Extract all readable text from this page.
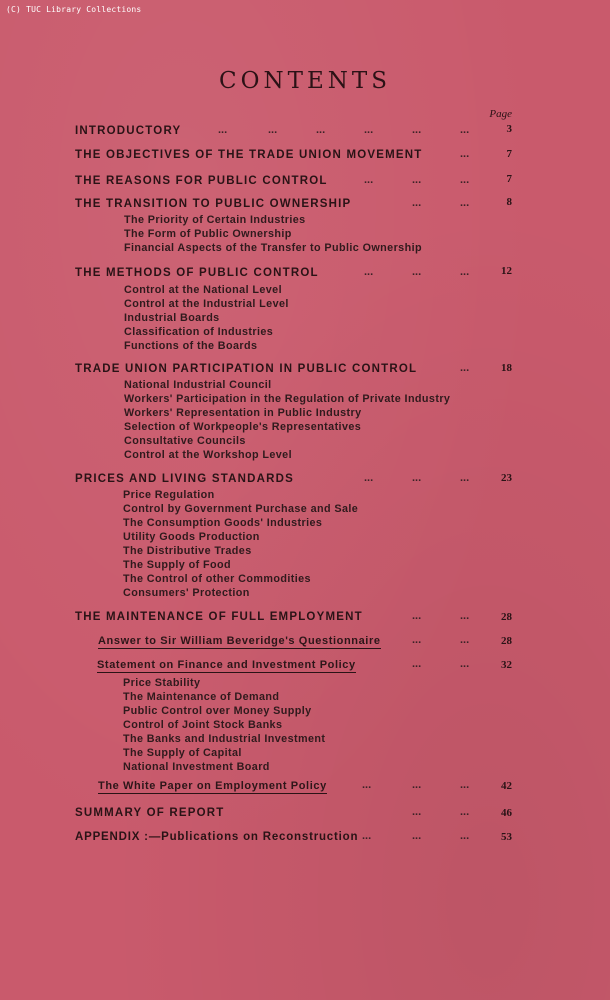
(C) TUC Library Collections
CONTENTS
Page
INTRODUCTORY	...	...	...	...	...	...	3
THE OBJECTIVES OF THE TRADE UNION MOVEMENT	...	7
THE REASONS FOR PUBLIC CONTROL	...	...	...	7
THE TRANSITION TO PUBLIC OWNERSHIP	...	...	8
The Priority of Certain Industries
The Form of Public Ownership
Financial Aspects of the Transfer to Public Ownership
THE METHODS OF PUBLIC CONTROL	...	...	...	12
Control at the National Level
Control at the Industrial Level
Industrial Boards
Classification of Industries
Functions of the Boards
TRADE UNION PARTICIPATION IN PUBLIC CONTROL	...	18
National Industrial Council
Workers' Participation in the Regulation of Private Industry
Workers' Representation in Public Industry
Selection of Workpeople's Representatives
Consultative Councils
Control at the Workshop Level
PRICES AND LIVING STANDARDS	...	...	...	23
Price Regulation
Control by Government Purchase and Sale
The Consumption Goods' Industries
Utility Goods Production
The Distributive Trades
The Supply of Food
The Control of other Commodities
Consumers' Protection
THE MAINTENANCE OF FULL EMPLOYMENT	...	...	28
Answer to Sir William Beveridge's Questionnaire	...	...	28
Statement on Finance and Investment Policy	...	...	32
Price Stability
The Maintenance of Demand
Public Control over Money Supply
Control of Joint Stock Banks
The Banks and Industrial Investment
The Supply of Capital
National Investment Board
The White Paper on Employment Policy	...	...	...	42
SUMMARY OF REPORT	...	...	46
APPENDIX :—Publications on Reconstruction ...	...	...	53
